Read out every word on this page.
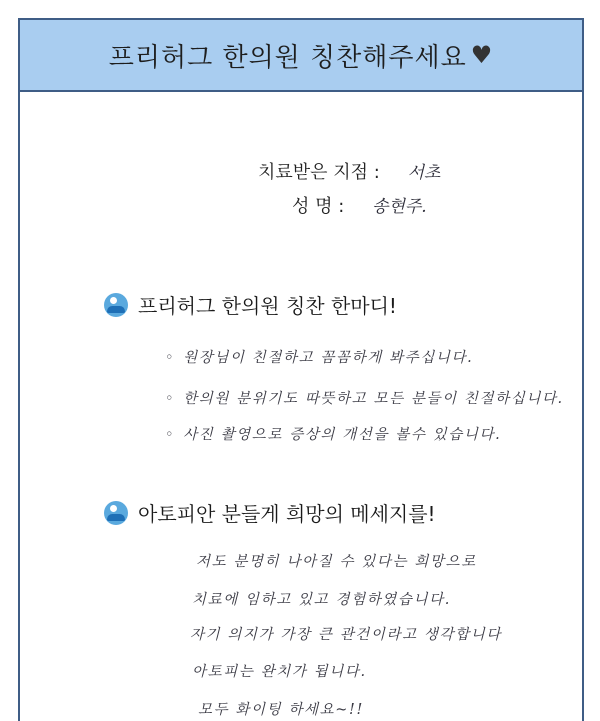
프리허그 한의원 칭찬해주세요 ♥
치료받은 지점 : 서초
성 명 : 송현주.
프리허그 한의원 칭찬 한마디!
◦ 원장님이 친절하고 꼼꼼하게 봐주십니다.
◦ 한의원 분위기도 따뜻하고 모든 분들이 친절하십니다.
◦ 사진 촬영으로 증상의 개선을 볼수 있습니다.
아토피안 분들게 희망의 메세지를!
저도 분명히 나아질 수 있다는 희망으로
치료에 임하고 있고 경험하였습니다.
자기 의지가 가장 큰 관건이라고 생각합니다
아토피는 완치가 됩니다.
모두 화이팅 하세요~!!
